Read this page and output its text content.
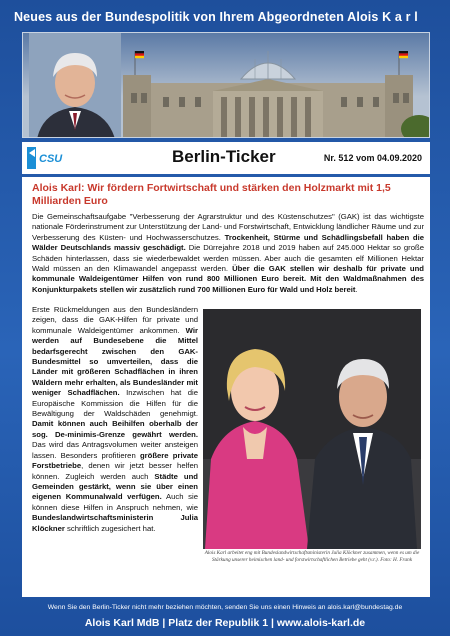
Neues aus der Bundespolitik von Ihrem Abgeordneten Alois K a r l
CSU	Berlin-Ticker	Nr. 512 vom 04.09.2020
Alois Karl: Wir fördern Fortwirtschaft und stärken den Holzmarkt mit 1,5 Milliarden Euro
Die Gemeinschaftsaufgabe "Verbesserung der Agrarstruktur und des Küstenschutzes" (GAK) ist das wichtigste nationale Förderinstrument zur Unterstützung der Land- und Forstwirtschaft, Entwicklung ländlicher Räume und zur Verbesserung des Küsten- und Hochwasserschutzes. Trockenheit, Stürme und Schädlingsbefall haben die Wälder Deutschlands massiv geschädigt. Die Dürrejahre 2018 und 2019 haben auf 245.000 Hektar so große Schäden hinterlassen, dass sie wiederbewaldet werden müssen. Aber auch die gesamten elf Millionen Hektar Wald müssen an den Klimawandel angepasst werden. Über die GAK stellen wir deshalb für private und kommunale Waldeigentümer Hilfen von rund 800 Millionen Euro bereit. Mit den Waldmaßnahmen des Konjunkturpakets stellen wir zusätzlich rund 700 Millionen Euro für Wald und Holz bereit.
Erste Rückmeldungen aus den Bundesländern zeigen, dass die GAK-Hilfen für private und kommunale Waldeigentümer ankommen. Wir werden auf Bundesebene die Mittel bedarfsgerecht zwischen den GAK-Bundesmittel so umverteilen, dass die Länder mit größeren Schadflächen in ihren Wäldern mehr erhalten, als Bundesländer mit weniger Schadflächen. Inzwischen hat die Europäische Kommission die Hilfen für die Bewältigung der Waldschäden genehmigt. Damit können auch Beihilfen oberhalb der sog. De-minimis-Grenze gewährt werden. Das wird das Antragsvolumen weiter ansteigen lassen. Besonders profitieren größere private Forstbetriebe, denen wir jetzt besser helfen können. Zugleich werden auch Städte und Gemeinden gestärkt, wenn sie über einen eigenen Kommunalwald verfügen. Auch sie können diese Hilfen in Anspruch nehmen, wie Bundeslandwirtschaftsministerin Julia Klöckner schriftlich zugesichert hat.
Alois Karl arbeitet eng mit Bundeslandwirtschaftsministerin Julia Klöckner zusammen, wenn es um die Stärkung unserer heimischen land- und forstwirtschaftlichen Betriebe geht (v.r.). Foto: H. Frank
Wenn Sie den Berlin-Ticker nicht mehr beziehen möchten, senden Sie uns einen Hinweis an alois.karl@bundestag.de
Alois Karl MdB | Platz der Republik 1 | www.alois-karl.de
